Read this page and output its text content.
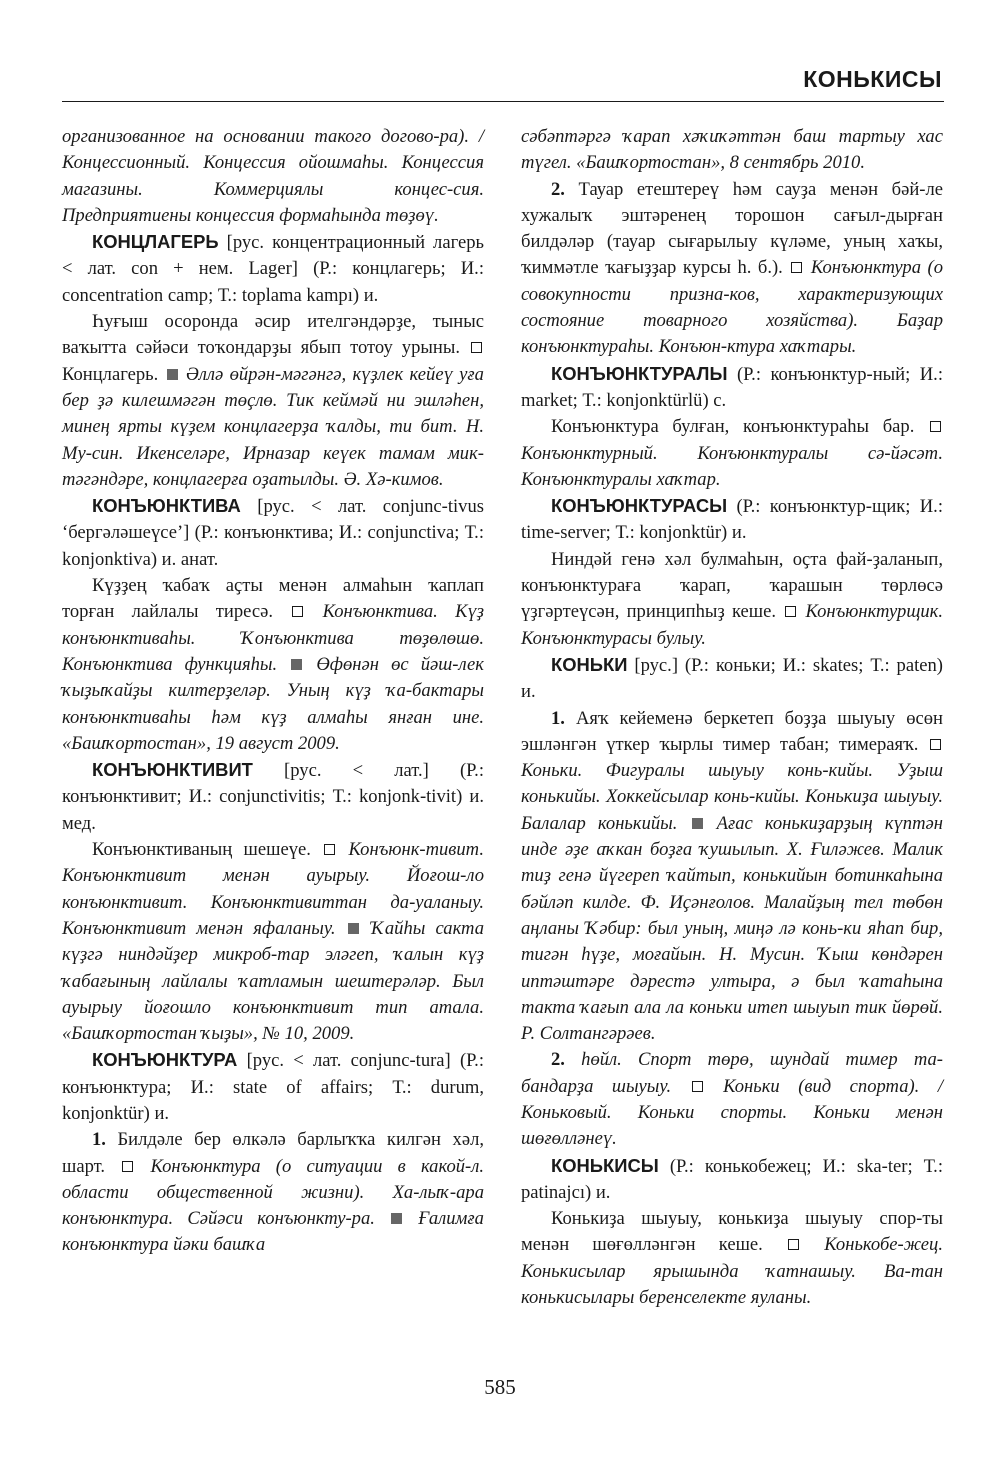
КОНЬКИСЫ

организованное на основании такого догово-ра). / Концессионный. Концессия ойошмаһы. Концессия магазины. Коммерциялы концес-сия. Предприятиены концессия формаһында төҙөү.

КОНЦЛАГЕРЬ [рус. концентрационный лагерь < лат. con + нем. Lager] (Р.: концлагерь; И.: concentration camp; Т.: toplama kampı) и.

Һуғыш осоронда әсир ителгәндәрҙе, тыныс ваҡытта сәйәси тоҡондарҙы ябып тотоу урыны.  Концлагерь. Әллә өйрән-мәгәнгә, күҙлек кейеү уға бер ҙә килешмәгән төҫлө. Тик кеймәй ни эшләһен, минең ярты күҙем концлагерҙа ҡалды, ти бит. Н. Му-син. Икенселәре, Ирназар кеүек тамам мик-тәгәндәре, концлагерға оҙатылды. Ә. Хә-кимов.

КОНЪЮНКТИВА [рус. < лат. conjunc-tivus ‘бергәләшеүсе’] (Р.: конъюнктива; И.: conjunctiva; Т.: konjonktiva) и. анат.

Күҙҙең ҡабаҡ аҫты менән алмаһын ҡаплап торған лайлалы тиресә.	Конъюнктива. Күҙ конъюнктиваһы. Ҡонъюнктива төҙөлөшө. Конъюнктива функцияһы. Өфөнән өс йәш-лек ҡыҙыҡайҙы килтерҙеләр. Уның күҙ ҡа-бактары конъюнктиваһы һәм күҙ алмаһы янған ине. «Башҡортостан», 19 август 2009.

КОНЪЮНКТИВИТ [рус. < лат.] (Р.: конъюнктивит; И.: conjunctivitis; Т.: konjonk-tivit) и. мед.

Конъюнктиваның шешеүе. Конъюнк-тивит. Конъюнктивит менән ауырыу. Йоғош-ло конъюнктивит. Конъюнктивиттан да-уаланыу. Конъюнктивит менән яфаланыу. Ҡайһы сакта күҙгә ниндәйҙер микроб-тар эләгеп, ҡалын күҙ ҡабағының лайлалы ҡатламын шештерәләр. Был ауырыу йоғошло конъюнктивит тип атала. «Башҡортостан ҡыҙы», № 10, 2009.

КОНЪЮНКТУРА [рус. < лат. conjunc-tura] (Р.: конъюнктура; И.: state of affairs; Т.: durum, konjonktür) и.

1. Билдәле бер өлкәлә барлыҡҡа килгән хәл, шарт. Конъюнктура (о ситуации в какой-л. области общественной жизни). Ха-лыҡ-ара конъюнктура. Сәйәси конъюнкту-ра. Ғалимға конъюнктура йәки башҡа

сәбәптәргә ҡарап хәҡиҡәттән баш тартыу хас түгел. «Башҡортостан», 8 сентябрь 2010.

2. Тауар етештереү һәм сауҙа менән бәй-ле хужалыҡ эштәренең торошон сағыл-дырған билдәләр (тауар сығарылыу күләме, уның хаҡы, ҡиммәтле ҡағыҙҙар курсы һ. б.). Конъюнктура (о совокупности призна-ков, характеризующих состояние товарного хозяйства). Баҙар конъюнктураһы. Конъюн-ктура хаҡтары.

КОНЪЮНКТУРАЛЫ (Р.: конъюнктур-ный; И.: market; Т.: konjonktürlü) с.

Конъюнктура булған, конъюнктураһы бар.  Конъюнктурный. Конъюнктуралы сә-йәсәт. Конъюнктуралы хаҡтар.

КОНЪЮНКТУРАСЫ (Р.: конъюнктур-щик; И.: time-server; Т.: konjonktür) и.

Ниндәй генә хәл булмаһын, оҫта фай-ҙаланып, конъюнктураға ҡарап, ҡарашын төрлөсә үҙгәртеүсән, принципһыҙ кеше. Конъюнктурщик. Конъюнктурасы булыу.

КОНЬКИ [рус.] (Р.: коньки; И.: skates; Т.: paten) и.

1. Аяҡ кейеменә беркетеп боҙҙа шыуыу өсөн эшләнгән үткер ҡырлы тимер табан; тимераяҡ.  Коньки. Фигуралы шыуыу конь-кийы. Уҙыш конькийы. Хоккейсылар конь-кийы. Конькиҙа шыуыу. Балалар конькийы. Ағас конькиҙарҙың күптән инде әҙе аҡкан боҙға ҡушылып. Х. Ғиләжев. Малик тиҙ генә йүгереп ҡайтып, конькийын ботинкаһына бәйләп килде. Ф. Иҫәнғолов. Малайҙың тел төбөн аңланы Ҡәбир: был уның, миңә лә конь-ки яһап бир, тигән һүҙе, моғайын. Н. Мусин. Ҡыш көндәрен иптәштәре дәрестә ултыра, ә был ҡатаһына такта ҡағып ала ла коньки итеп шыуып тик йөрөй. Р. Солтангәрәев.

2. һөйл. Спорт төрө, шундай тимер та-бандарҙа шыуыу.	Коньки (вид спорта). / Коньковый. Коньки спорты. Коньки менән шөғөлләнеү.

КОНЬКИСЫ (Р.: конькобежец; И.: ska-ter; Т.: patinajcı) и.

Конькиҙа шыуыу, конькиҙа шыуыу спор-ты менән шөғөлләнгән кеше.	Конькобе-жец. Конькисылар ярышында ҡатнашыу. Ва-тан конькисылары беренселекте яуланы.

585
